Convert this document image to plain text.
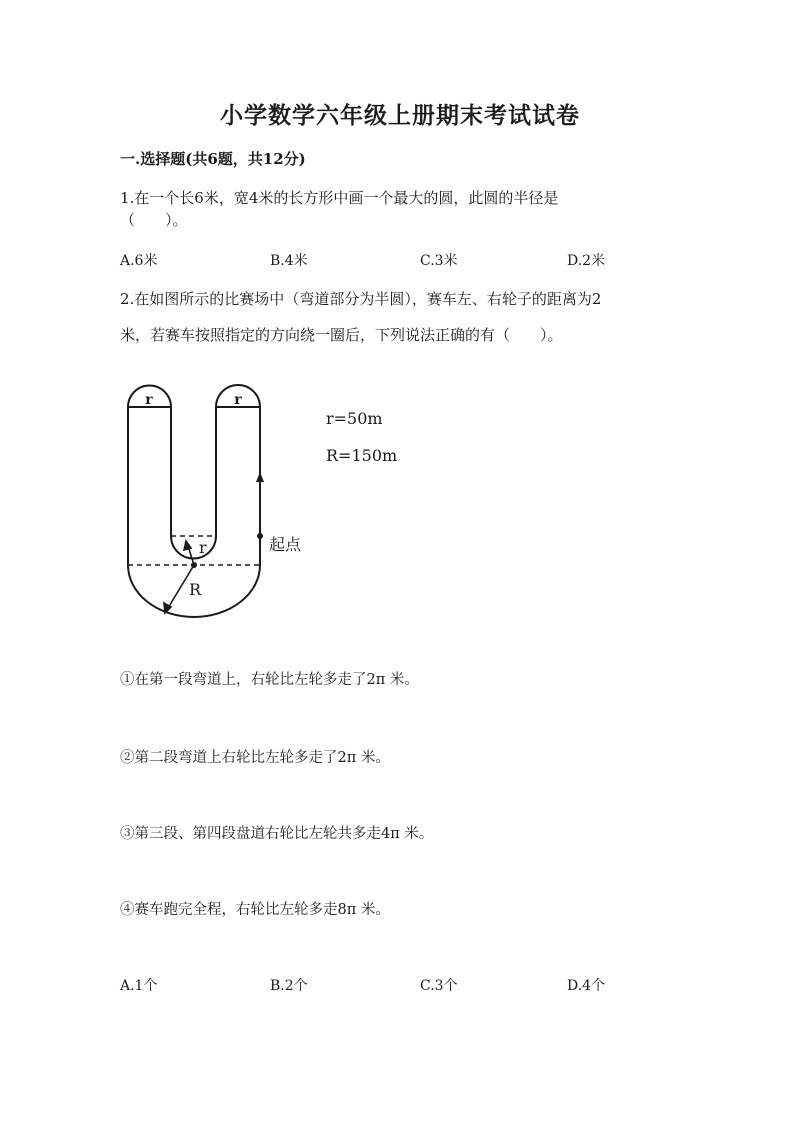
小学数学六年级上册期末考试试卷
一.选择题(共6题，共12分)
1.在一个长6米，宽4米的长方形中画一个最大的圆，此圆的半径是
（　　）。
A.6米	B.4米	C.3米	D.2米
2.在如图所示的比赛场中（弯道部分为半圆），赛车左、右轮子的距离为2
米，若赛车按照指定的方向绕一圈后，下列说法正确的有（　　）。
r	r
r
R
起点
r=50m
R=150m
①在第一段弯道上，右轮比左轮多走了2π 米。
②第二段弯道上右轮比左轮多走了2π 米。
③第三段、第四段盘道右轮比左轮共多走4π 米。
④赛车跑完全程，右轮比左轮多走8π 米。
A.1个	B.2个	C.3个	D.4个
